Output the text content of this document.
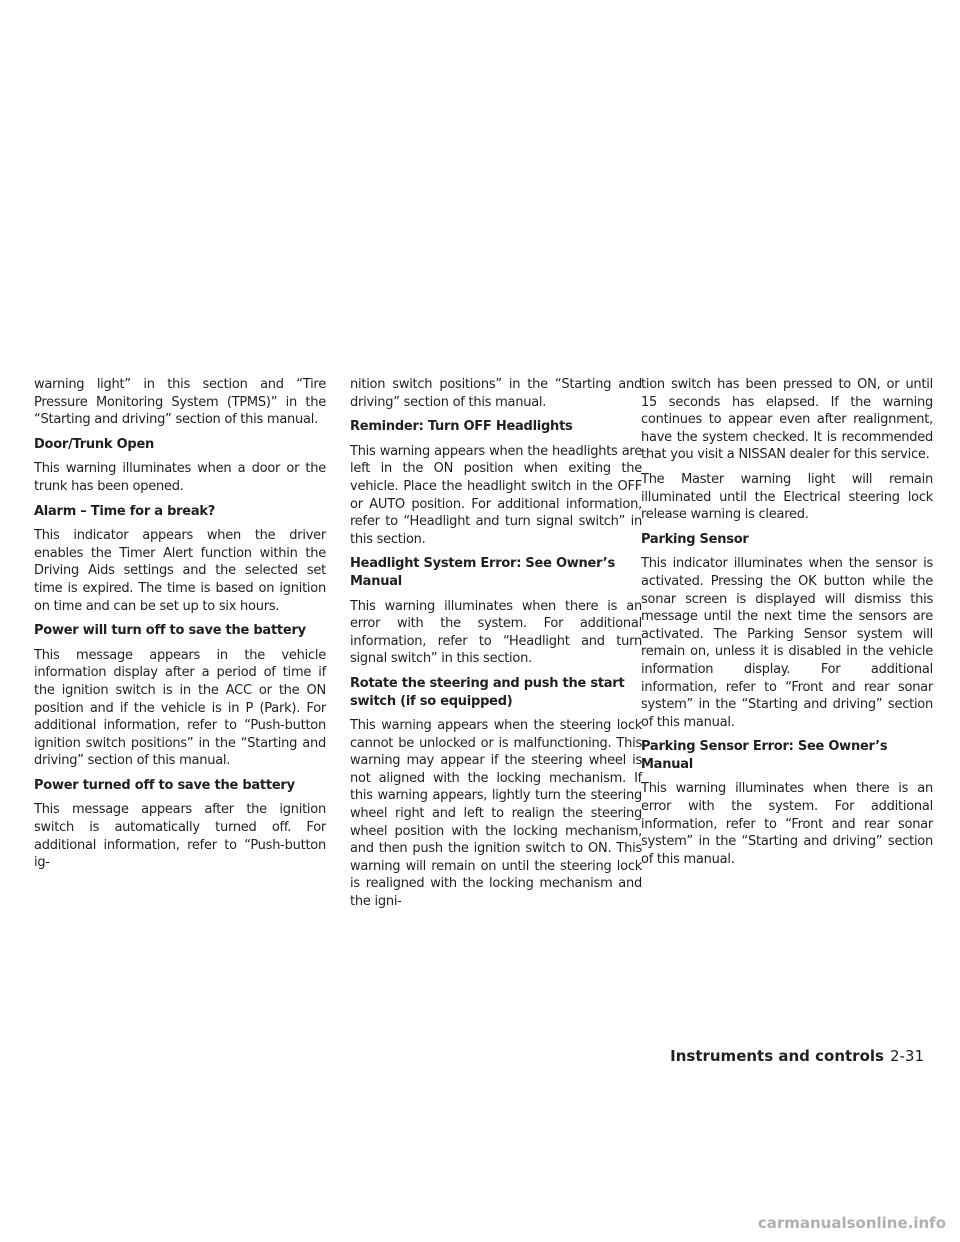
warning light” in this section and “Tire Pressure Monitoring System (TPMS)” in the “Starting and driving” section of this manual.

Door/Trunk Open

This warning illuminates when a door or the trunk has been opened.

Alarm – Time for a break?

This indicator appears when the driver enables the Timer Alert function within the Driving Aids settings and the selected set time is expired. The time is based on ignition on time and can be set up to six hours.

Power will turn off to save the battery

This message appears in the vehicle information display after a period of time if the ignition switch is in the ACC or the ON position and if the vehicle is in P (Park). For additional information, refer to “Push-button ignition switch positions” in the “Starting and driving” section of this manual.

Power turned off to save the battery

This message appears after the ignition switch is automatically turned off. For additional information, refer to “Push-button ig-

nition switch positions” in the “Starting and driving” section of this manual.

Reminder: Turn OFF Headlights

This warning appears when the headlights are left in the ON position when exiting the vehicle. Place the headlight switch in the OFF or AUTO position. For additional information, refer to “Headlight and turn signal switch” in this section.

Headlight System Error: See Owner’s Manual

This warning illuminates when there is an error with the system. For additional information, refer to “Headlight and turn signal switch” in this section.

Rotate the steering and push the start switch (if so equipped)

This warning appears when the steering lock cannot be unlocked or is malfunctioning. This warning may appear if the steering wheel is not aligned with the locking mechanism. If this warning appears, lightly turn the steering wheel right and left to realign the steering wheel position with the locking mechanism, and then push the ignition switch to ON. This warning will remain on until the steering lock is realigned with the locking mechanism and the igni-

tion switch has been pressed to ON, or until 15 seconds has elapsed. If the warning continues to appear even after realignment, have the system checked. It is recommended that you visit a NISSAN dealer for this service.

The Master warning light will remain illuminated until the Electrical steering lock release warning is cleared.

Parking Sensor

This indicator illuminates when the sensor is activated. Pressing the OK button while the sonar screen is displayed will dismiss this message until the next time the sensors are activated. The Parking Sensor system will remain on, unless it is disabled in the vehicle information display. For additional information, refer to “Front and rear sonar system” in the “Starting and driving” section of this manual.

Parking Sensor Error: See Owner’s Manual

This warning illuminates when there is an error with the system. For additional information, refer to “Front and rear sonar system” in the “Starting and driving” section of this manual.

Instruments and controls 2-31
carmanualsonline.info
